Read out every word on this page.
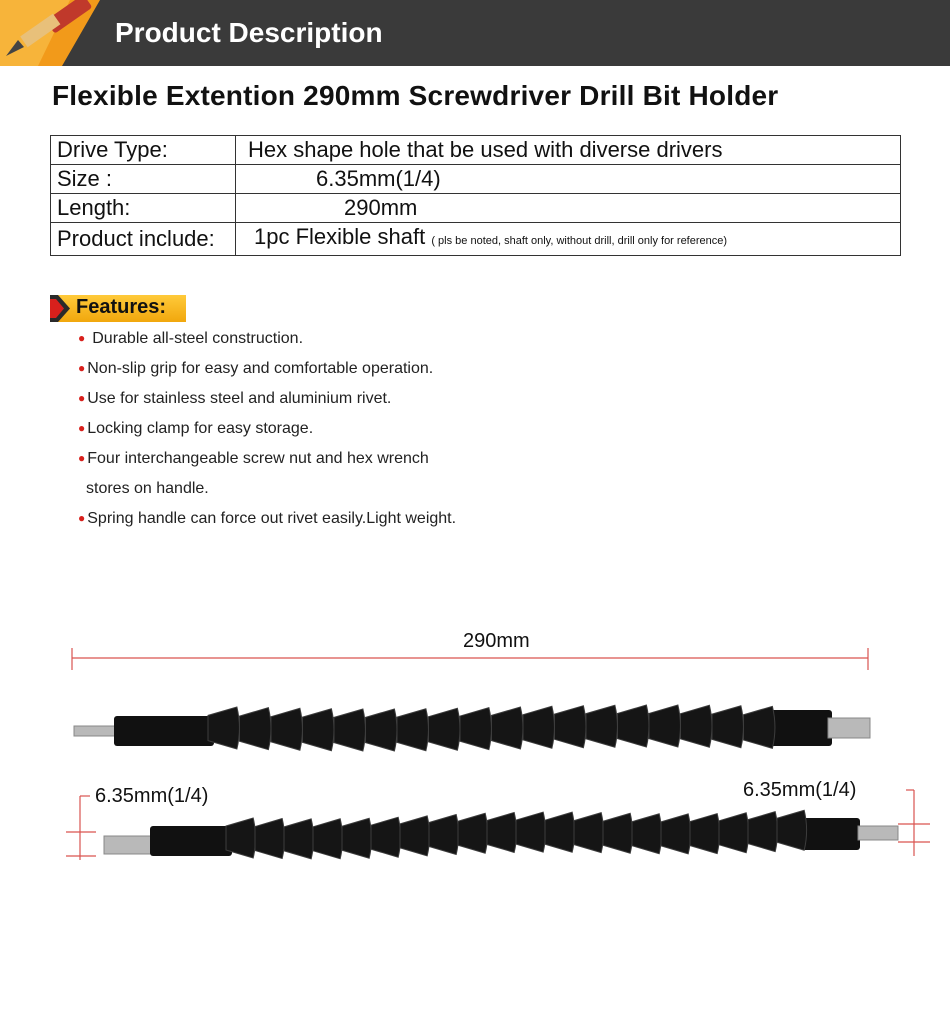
Product Description
Flexible Extention 290mm Screwdriver Drill Bit Holder
Drive Type:	Hex shape hole that be used with diverse drivers
Size :	6.35mm(1/4)
Length:	290mm
Product include:	1pc Flexible shaft ( pls be noted, shaft only, without drill, drill only for reference)
Features:
● Durable all-steel construction.
● Non-slip grip for easy and comfortable operation.
● Use for stainless steel and aluminium rivet.
● Locking clamp for easy storage.
● Four interchangeable screw nut and hex wrench
stores on handle.
● Spring handle can force out rivet easily.Light weight.
290mm
6.35mm(1/4)	6.35mm(1/4)
